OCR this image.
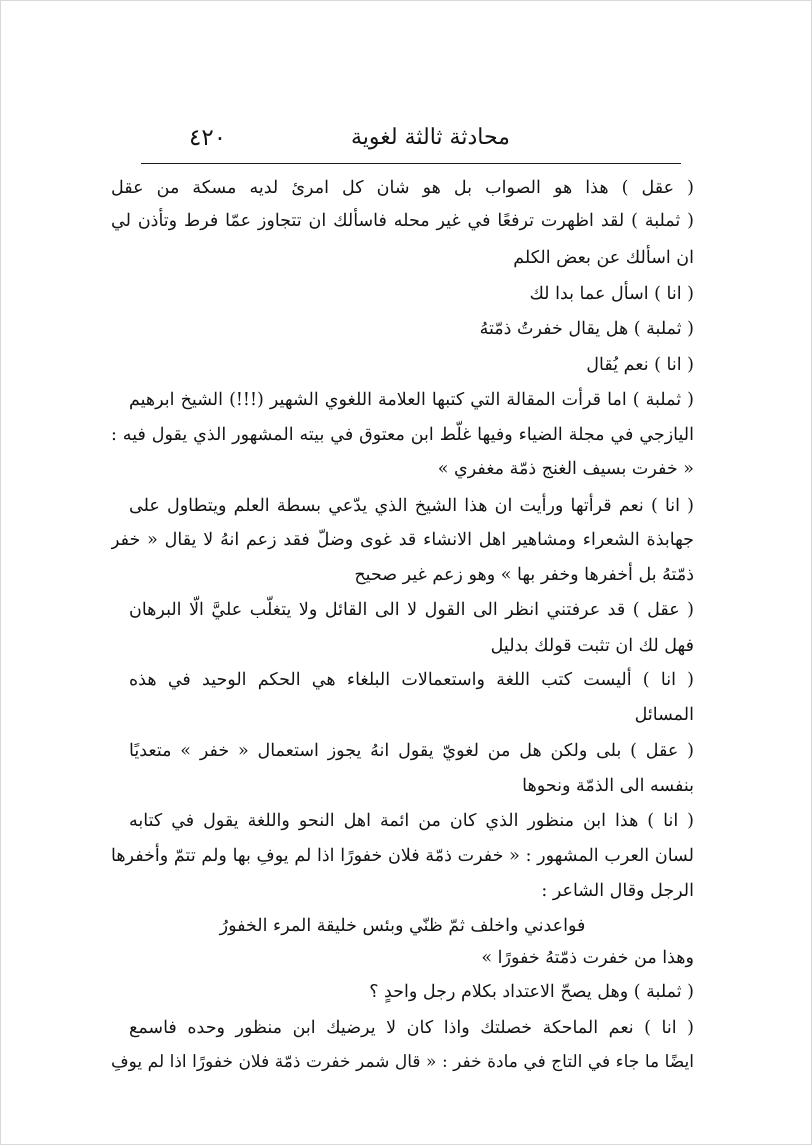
محادثة ثالثة لغوية
٤٢٠
( عقل ) هذا هو الصواب بل هو شان كل امرئ لديه مسكة من عقل
( ثملبة ) لقد اظهرت ترفعًا في غير محله فاسألك ان تتجاوز عمّا فرط وتأذن لي
ان اسألك عن بعض الكلم
( انا ) اسأل عما بدا لك
( ثملبة ) هل يقال خفرتُ ذمّتهُ
( انا ) نعم يُقال
( ثملبة ) اما قرأت المقالة التي كتبها العلامة اللغوي الشهير (!!!) الشيخ ابرهيم
اليازجي في مجلة الضياء وفيها غلّط ابن معتوق في بيته المشهور الذي يقول فيه :
« خفرت بسيف الغنج ذمّة مغفري »
( انا ) نعم قرأتها ورأيت ان هذا الشيخ الذي يدّعي بسطة العلم ويتطاول على
جهابذة الشعراء ومشاهير اهل الانشاء قد غوى وضلّ فقد زعم انهُ لا يقال « خفر
ذمّتهُ بل أخفرها وخفر بها » وهو زعم غير صحيح
( عقل ) قد عرفتني انظر الى القول لا الى القائل ولا يتغلّب عليَّ الّا البرهان
فهل لك ان تثبت قولك بدليل
( انا ) أليست كتب اللغة واستعمالات البلغاء هي الحكم الوحيد في هذه
المسائل
( عقل ) بلى ولكن هل من لغويّ يقول انهُ يجوز استعمال « خفر » متعديًا
بنفسه الى الذمّة ونحوها
( انا ) هذا ابن منظور الذي كان من ائمة اهل النحو واللغة يقول في كتابه
لسان العرب المشهور : « خفرت ذمّة فلان خفورًا اذا لم يوفِ بها ولم تتمّ وأخفرها
الرجل وقال الشاعر :
فواعدني واخلف ثمّ ظنّي وبئس خليقة المرء الخفورُ
وهذا من خفرت ذمّتهُ خفورًا »
( ثملبة ) وهل يصحّ الاعتداد بكلام رجل واحدٍ ؟
( انا ) نعم الماحكة خصلتك واذا كان لا يرضيك ابن منظور وحده فاسمع
ايضًا ما جاء في التاج في مادة خفر : « قال شمر خفرت ذمّة فلان خفورًا اذا لم يوفِ
